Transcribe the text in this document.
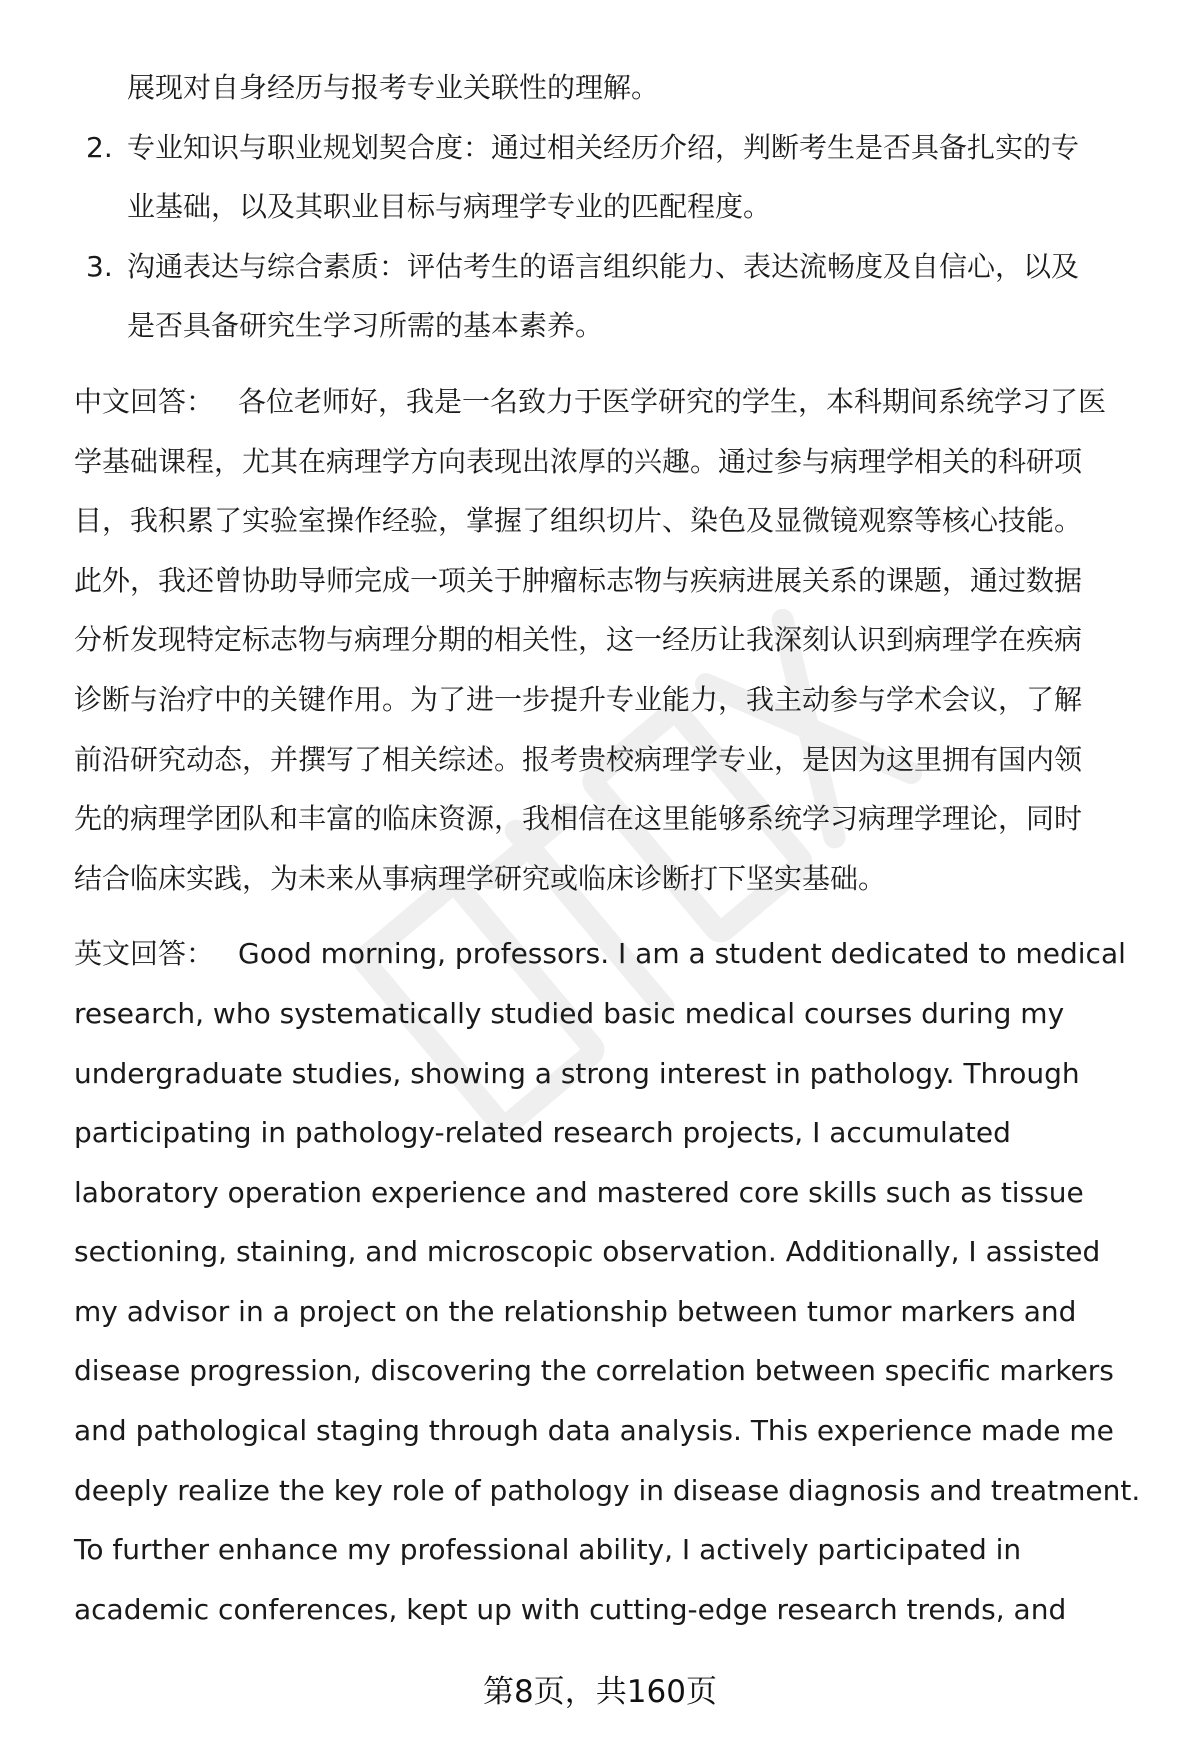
展现对自身经历与报考专业关联性的理解。

2. 专业知识与职业规划契合度：通过相关经历介绍，判断考生是否具备扎实的专

业基础，以及其职业目标与病理学专业的匹配程度。

3. 沟通表达与综合素质：评估考生的语言组织能力、表达流畅度及自信心，以及

是否具备研究生学习所需的基本素养。

中文回答： 各位老师好，我是一名致力于医学研究的学生，本科期间系统学习了医

学基础课程，尤其在病理学方向表现出浓厚的兴趣。通过参与病理学相关的科研项

目，我积累了实验室操作经验，掌握了组织切片、染色及显微镜观察等核心技能。

此外，我还曾协助导师完成一项关于肿瘤标志物与疾病进展关系的课题，通过数据

分析发现特定标志物与病理分期的相关性，这一经历让我深刻认识到病理学在疾病

诊断与治疗中的关键作用。为了进一步提升专业能力，我主动参与学术会议，了解

前沿研究动态，并撰写了相关综述。报考贵校病理学专业，是因为这里拥有国内领

先的病理学团队和丰富的临床资源，我相信在这里能够系统学习病理学理论，同时

结合临床实践，为未来从事病理学研究或临床诊断打下坚实基础。

英文回答： Good morning, professors. I am a student dedicated to medical

research, who systematically studied basic medical courses during my

undergraduate studies, showing a strong interest in pathology. Through

participating in pathology-related research projects, I accumulated

laboratory operation experience and mastered core skills such as tissue

sectioning, staining, and microscopic observation. Additionally, I assisted

my advisor in a project on the relationship between tumor markers and

disease progression, discovering the correlation between specific markers

and pathological staging through data analysis. This experience made me

deeply realize the key role of pathology in disease diagnosis and treatment.

To further enhance my professional ability, I actively participated in

academic conferences, kept up with cutting-edge research trends, and

第8页，共160页
